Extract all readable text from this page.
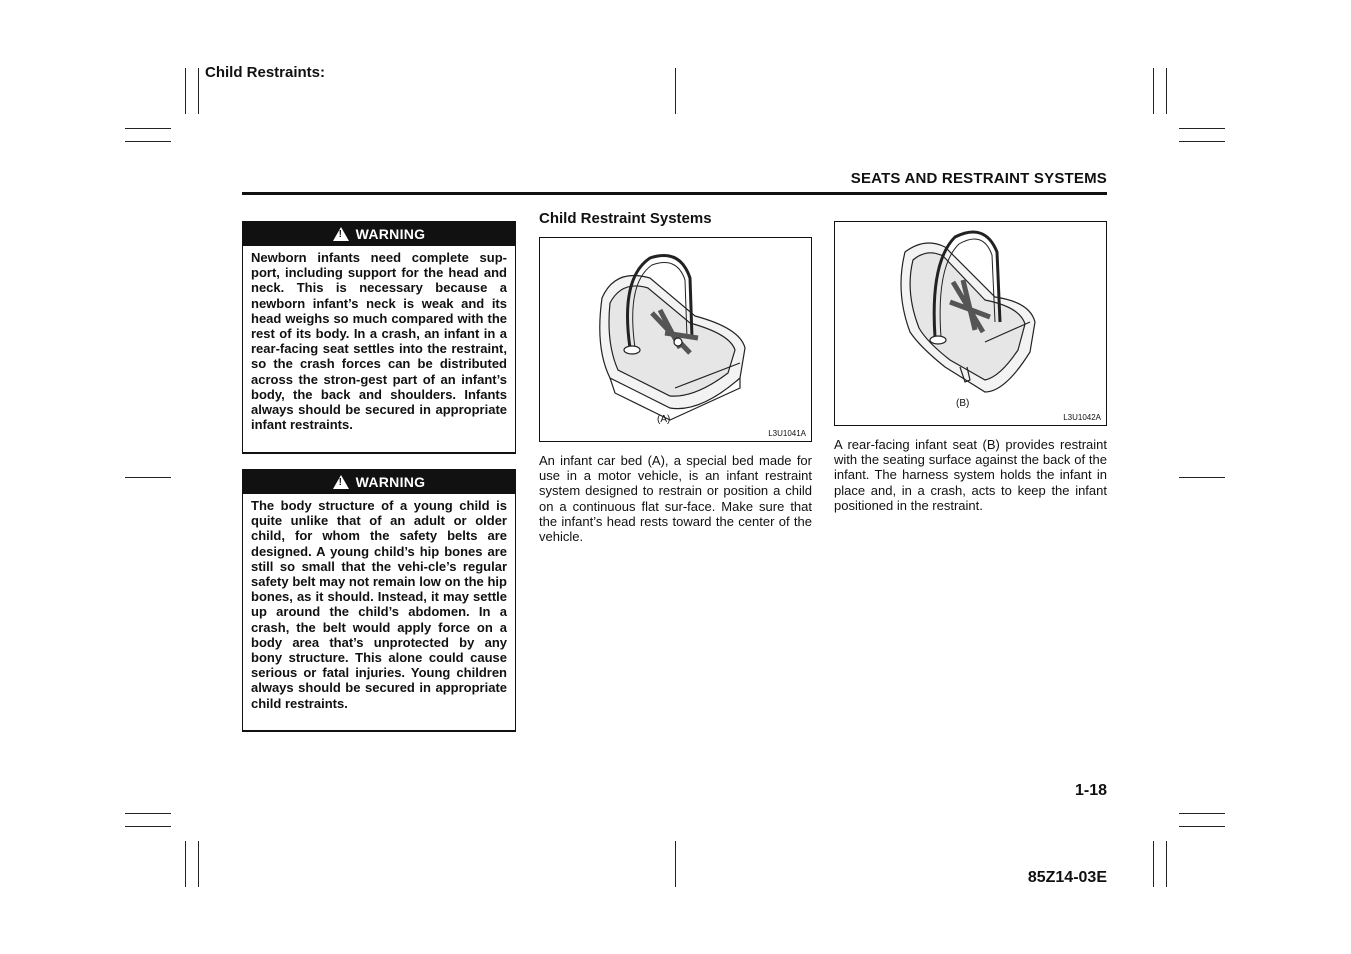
Child Restraints:
SEATS AND RESTRAINT SYSTEMS
! WARNING
Newborn infants need complete sup-port, including support for the head and neck. This is necessary because a newborn infant’s neck is weak and its head weighs so much compared with the rest of its body. In a crash, an infant in a rear-facing seat settles into the restraint, so the crash forces can be distributed across the stron-gest part of an infant’s body, the back and shoulders. Infants always should be secured in appropriate infant restraints.
! WARNING
The body structure of a young child is quite unlike that of an adult or older child, for whom the safety belts are designed. A young child’s hip bones are still so small that the vehi-cle’s regular safety belt may not remain low on the hip bones, as it should. Instead, it may settle up around the child’s abdomen. In a crash, the belt would apply force on a body area that’s unprotected by any bony structure. This alone could cause serious or fatal injuries. Young children always should be secured in appropriate child restraints.
Child Restraint Systems
(A)
L3U1041A
An infant car bed (A), a special bed made for use in a motor vehicle, is an infant restraint system designed to restrain or position a child on a continuous flat sur-face. Make sure that the infant’s head rests toward the center of the vehicle.
(B)
L3U1042A
A rear-facing infant seat (B) provides restraint with the seating surface against the back of the infant. The harness system holds the infant in place and, in a crash, acts to keep the infant positioned in the restraint.
1-18
85Z14-03E
